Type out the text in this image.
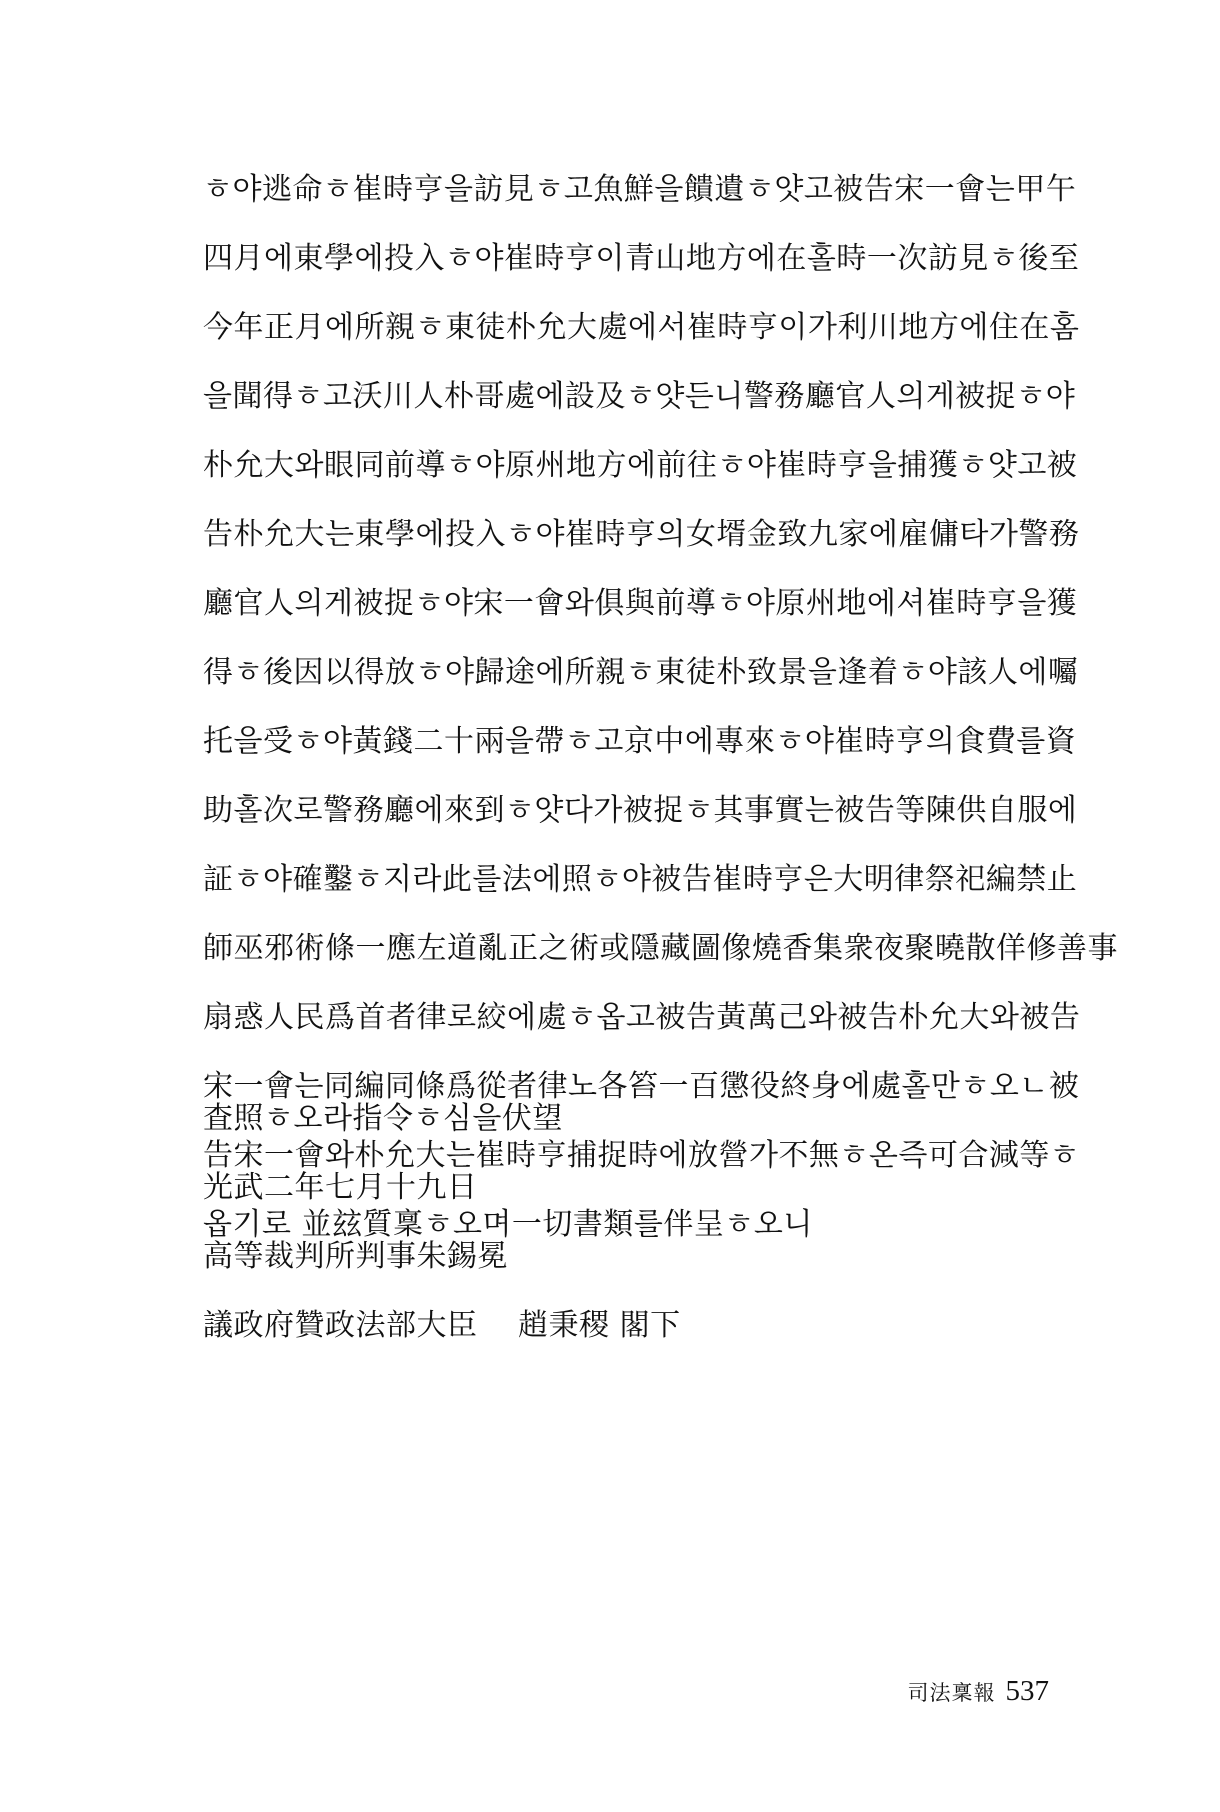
ㅎ야逃命ㅎ崔時亨을訪見ㅎ고魚鮮을饋遺ㅎ얏고被告宋一會는甲午
四月에東學에投入ㅎ야崔時亨이青山地方에在홀時一次訪見ㅎ後至
今年正月에所親ㅎ東徒朴允大處에서崔時亨이가利川地方에住在홈
을聞得ㅎ고沃川人朴哥處에設及ㅎ얏든니警務廳官人의게被捉ㅎ야
朴允大와眼同前導ㅎ야原州地方에前往ㅎ야崔時亨을捕獲ㅎ얏고被
告朴允大는東學에投入ㅎ야崔時亨의女壻金致九家에雇傭타가警務
廳官人의게被捉ㅎ야宋一會와俱與前導ㅎ야原州地에셔崔時亨을獲
得ㅎ後因以得放ㅎ야歸途에所親ㅎ東徒朴致景을逢着ㅎ야該人에囑
托을受ㅎ야黃錢二十兩을帶ㅎ고京中에專來ㅎ야崔時亨의食費를資
助홀次로警務廳에來到ㅎ얏다가被捉ㅎ其事實는被告等陳供自服에
証ㅎ야確鑿ㅎ지라此를法에照ㅎ야被告崔時亨은大明律祭祀編禁止
師巫邪術條一應左道亂正之術或隱藏圖像燒香集衆夜聚曉散佯修善事
扇惑人民爲首者律로絞에處ㅎ옵고被告黃萬己와被告朴允大와被告
宋一會는同編同條爲從者律노各笞一百懲役終身에處홀만ㅎ오ㄴ被
告宋一會와朴允大는崔時亨捕捉時에放營가不無ㅎ온즉可合減等ㅎ
옵기로 並玆質稟ㅎ오며一切書類를伴呈ㅎ오니
査照ㅎ오라指令ㅎ심을伏望
光武二年七月十九日
高等裁判所判事朱錫冕
議政府贊政法部大臣　 趙秉稷 閣下
司法稟報 537
